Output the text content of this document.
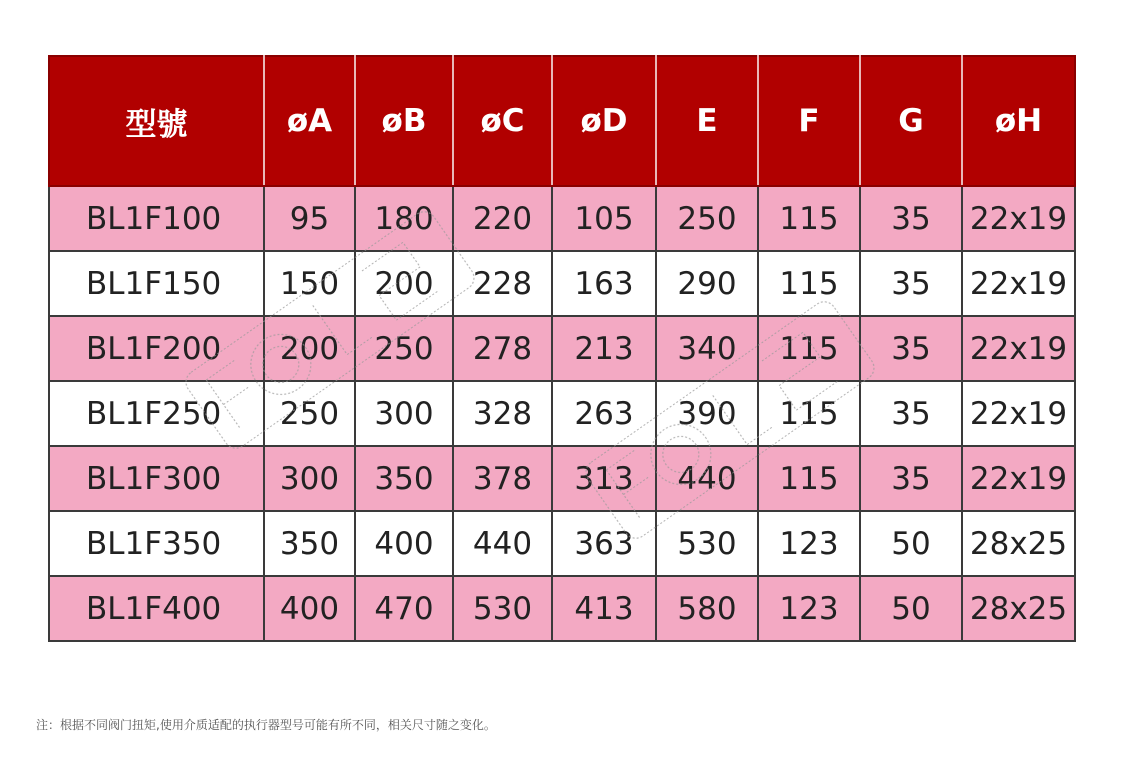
型號	øA	øB	øC	øD	E	F	G	øH
BL1F100	95	180	220	105	250	115	35	22x19
BL1F150	150	200	228	163	290	115	35	22x19
BL1F200	200	250	278	213	340	115	35	22x19
BL1F250	250	300	328	263	390	115	35	22x19
BL1F300	300	350	378	313	440	115	35	22x19
BL1F350	350	400	440	363	530	123	50	28x25
BL1F400	400	470	530	413	580	123	50	28x25
注：根据不同阀门扭矩,使用介质适配的执行器型号可能有所不同，相关尺寸随之变化。
